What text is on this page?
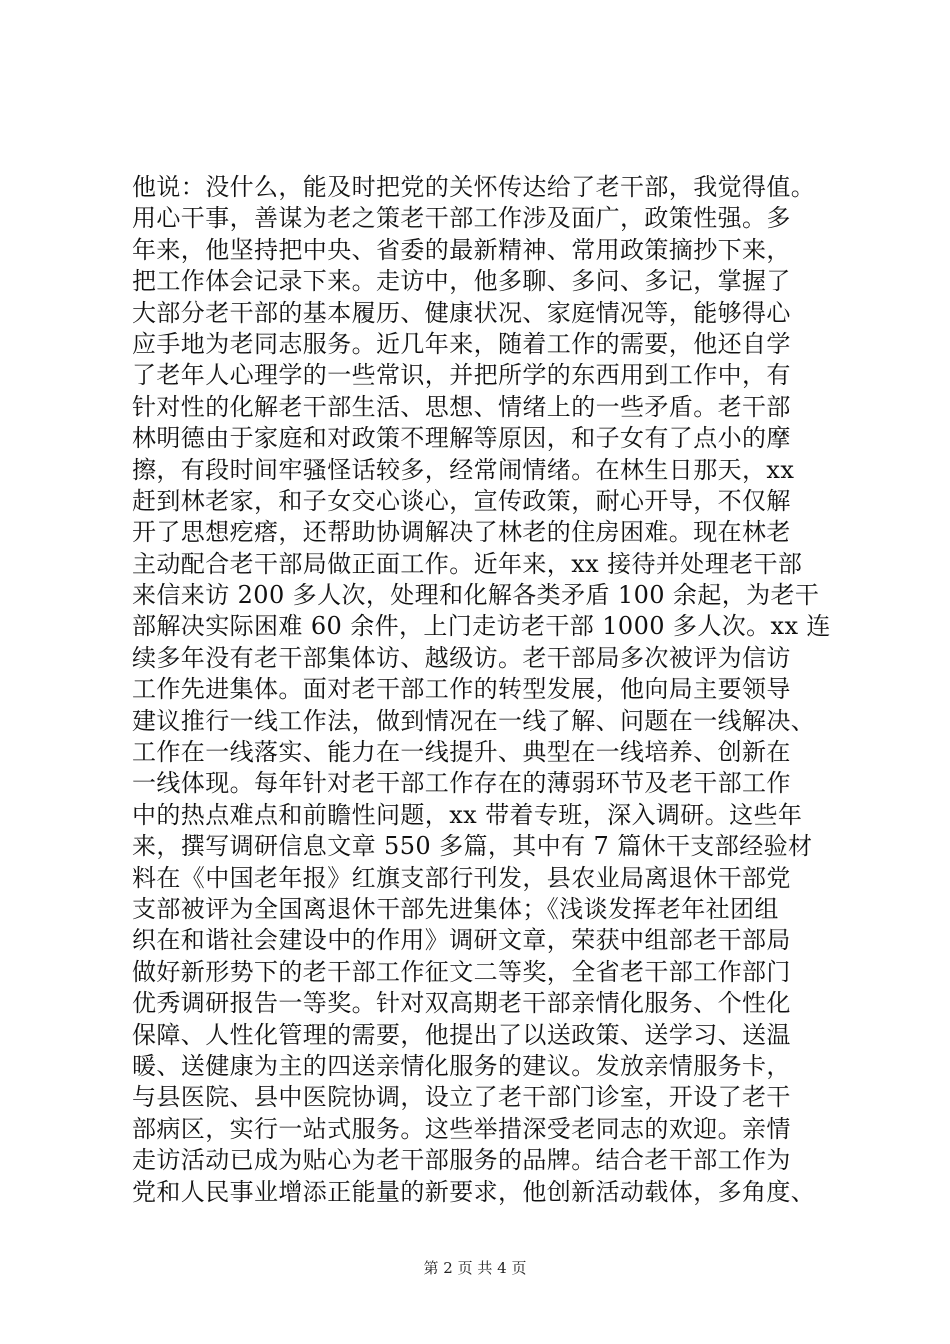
他说：没什么，能及时把党的关怀传达给了老干部，我觉得值。
用心干事，善谋为老之策老干部工作涉及面广，政策性强。多
年来，他坚持把中央、省委的最新精神、常用政策摘抄下来，
把工作体会记录下来。走访中，他多聊、多问、多记，掌握了
大部分老干部的基本履历、健康状况、家庭情况等，能够得心
应手地为老同志服务。近几年来，随着工作的需要，他还自学
了老年人心理学的一些常识，并把所学的东西用到工作中，有
针对性的化解老干部生活、思想、情绪上的一些矛盾。老干部
林明德由于家庭和对政策不理解等原因，和子女有了点小的摩
擦，有段时间牢骚怪话较多，经常闹情绪。在林生日那天，xx
赶到林老家，和子女交心谈心，宣传政策，耐心开导，不仅解
开了思想疙瘩，还帮助协调解决了林老的住房困难。现在林老
主动配合老干部局做正面工作。近年来，xx 接待并处理老干部
来信来访 200 多人次，处理和化解各类矛盾 100 余起，为老干
部解决实际困难 60 余件，上门走访老干部 1000 多人次。xx 连
续多年没有老干部集体访、越级访。老干部局多次被评为信访
工作先进集体。面对老干部工作的转型发展，他向局主要领导
建议推行一线工作法，做到情况在一线了解、问题在一线解决、
工作在一线落实、能力在一线提升、典型在一线培养、创新在
一线体现。每年针对老干部工作存在的薄弱环节及老干部工作
中的热点难点和前瞻性问题，xx 带着专班，深入调研。这些年
来，撰写调研信息文章 550 多篇，其中有 7 篇休干支部经验材
料在《中国老年报》红旗支部行刊发，县农业局离退休干部党
支部被评为全国离退休干部先进集体；《浅谈发挥老年社团组
织在和谐社会建设中的作用》调研文章，荣获中组部老干部局
做好新形势下的老干部工作征文二等奖，全省老干部工作部门
优秀调研报告一等奖。针对双高期老干部亲情化服务、个性化
保障、人性化管理的需要，他提出了以送政策、送学习、送温
暖、送健康为主的四送亲情化服务的建议。发放亲情服务卡，
与县医院、县中医院协调，设立了老干部门诊室，开设了老干
部病区，实行一站式服务。这些举措深受老同志的欢迎。亲情
走访活动已成为贴心为老干部服务的品牌。结合老干部工作为
党和人民事业增添正能量的新要求，他创新活动载体，多角度、
第 2 页 共 4 页
